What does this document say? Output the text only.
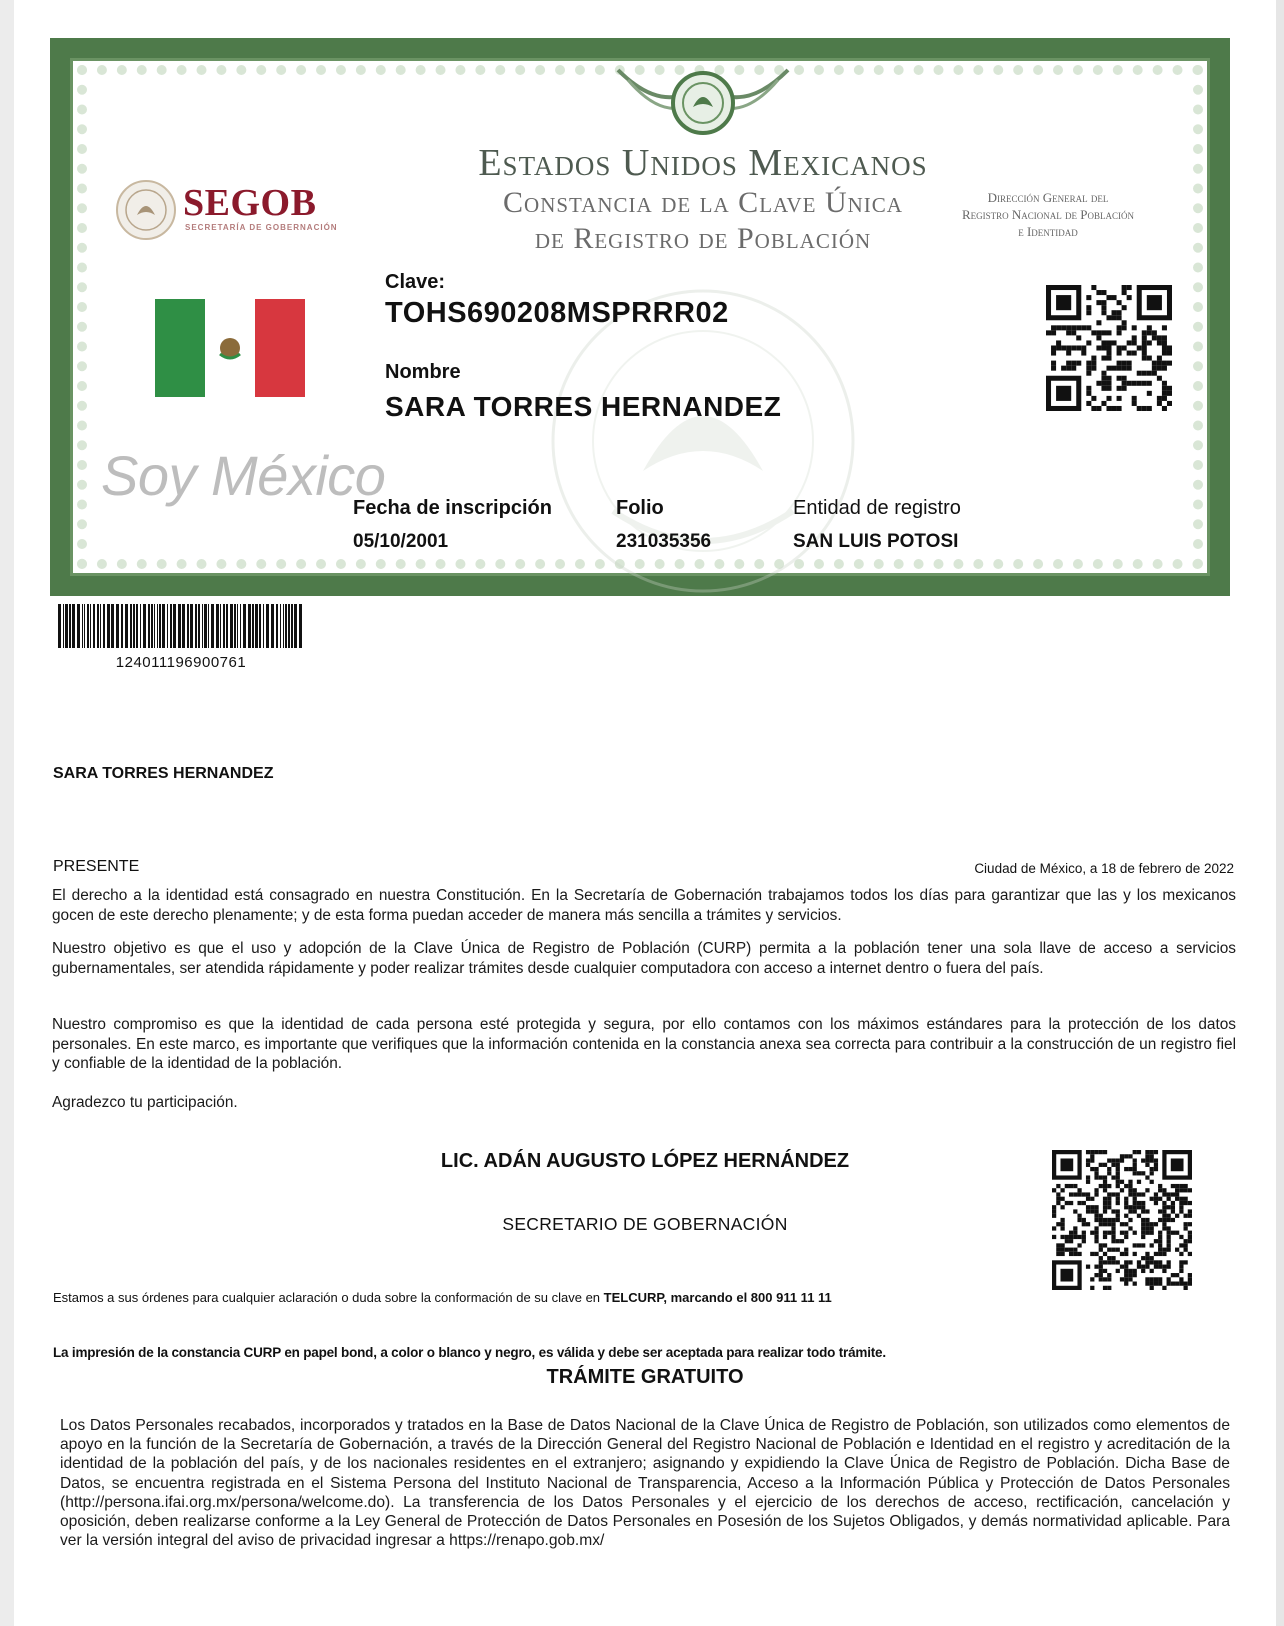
Estados Unidos Mexicanos
Constancia de la Clave Única
de Registro de Población
SEGOB
SECRETARÍA DE GOBERNACIÓN
Dirección General del
Registro Nacional de Población
e Identidad
Soy México
Clave:
TOHS690208MSPRRR02
Nombre
SARA TORRES HERNANDEZ
Fecha de inscripción
05/10/2001
Folio
231035356
Entidad de registro
SAN LUIS POTOSI
124011196900761
SARA TORRES HERNANDEZ
PRESENTE	Ciudad de México, a 18 de febrero de 2022

El derecho a la identidad está consagrado en nuestra Constitución. En la Secretaría de Gobernación trabajamos todos los días para garantizar que las y los mexicanos gocen de este derecho plenamente; y de esta forma puedan acceder de manera más sencilla a trámites y servicios.

Nuestro objetivo es que el uso y adopción de la Clave Única de Registro de Población (CURP) permita a la población tener una sola llave de acceso a servicios gubernamentales, ser atendida rápidamente y poder realizar trámites desde cualquier computadora con acceso a internet dentro o fuera del país.

Nuestro compromiso es que la identidad de cada persona esté protegida y segura, por ello contamos con los máximos estándares para la protección de los datos personales. En este marco, es importante que verifiques que la información contenida en la constancia anexa sea correcta para contribuir a la construcción de un registro fiel y confiable de la identidad de la población.

Agradezco tu participación.

LIC. ADÁN AUGUSTO LÓPEZ HERNÁNDEZ
SECRETARIO DE GOBERNACIÓN
Estamos a sus órdenes para cualquier aclaración o duda sobre la conformación de su clave en TELCURP, marcando el 800 911 11 11
La impresión de la constancia CURP en papel bond, a color o blanco y negro, es válida y debe ser aceptada para realizar todo trámite.
TRÁMITE GRATUITO

Los Datos Personales recabados, incorporados y tratados en la Base de Datos Nacional de la Clave Única de Registro de Población, son utilizados como elementos de apoyo en la función de la Secretaría de Gobernación, a través de la Dirección General del Registro Nacional de Población e Identidad en el registro y acreditación de la identidad de la población del país, y de los nacionales residentes en el extranjero; asignando y expidiendo la Clave Única de Registro de Población. Dicha Base de Datos, se encuentra registrada en el Sistema Persona del Instituto Nacional de Transparencia, Acceso a la Información Pública y Protección de Datos Personales (http://persona.ifai.org.mx/persona/welcome.do). La transferencia de los Datos Personales y el ejercicio de los derechos de acceso, rectificación, cancelación y oposición, deben realizarse conforme a la Ley General de Protección de Datos Personales en Posesión de los Sujetos Obligados, y demás normatividad aplicable. Para ver la versión integral del aviso de privacidad ingresar a https://renapo.gob.mx/
